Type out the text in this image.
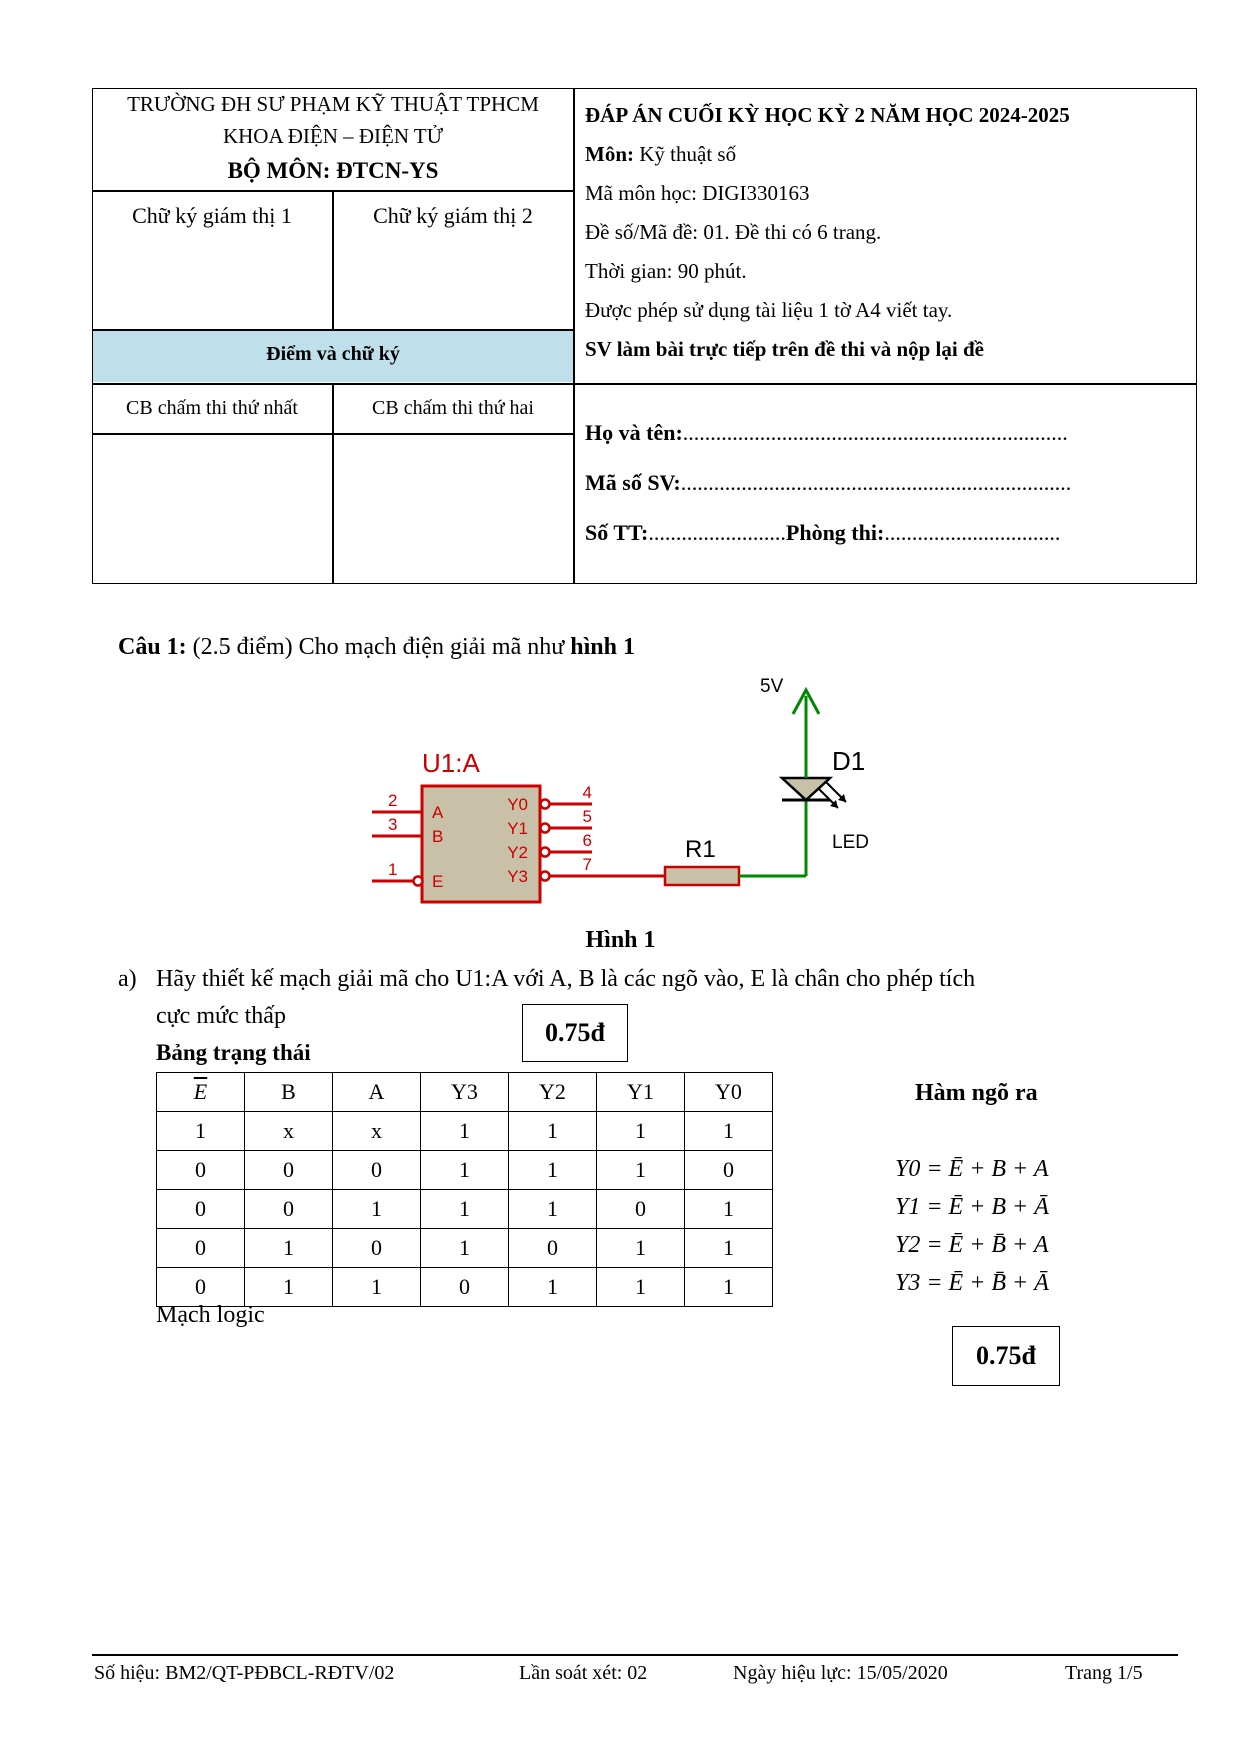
TRƯỜNG ĐH SƯ PHẠM KỸ THUẬT TPHCM
KHOA ĐIỆN – ĐIỆN TỬ
BỘ MÔN: ĐTCN-YS
Chữ ký giám thị 1	Chữ ký giám thị 2
Điểm và chữ ký
CB chấm thi thứ nhất	CB chấm thi thứ hai
ĐÁP ÁN CUỐI KỲ HỌC KỲ 2 NĂM HỌC 2024-2025
Môn: Kỹ thuật số
Mã môn học: DIGI330163
Đề số/Mã đề: 01. Đề thi có 6 trang.
Thời gian: 90 phút.
Được phép sử dụng tài liệu 1 tờ A4 viết tay.
SV làm bài trực tiếp trên đề thi và nộp lại đề
Họ và tên:......................................................................
Mã số SV:.......................................................................
Số TT:.........................Phòng thi:................................
Câu 1: (2.5 điểm) Cho mạch điện giải mã như hình 1
U1:A
2
3
1
A
B
E
Y0
Y1
Y2
Y3
4
5
6
7
R1
D1
LED
5V
Hình 1
a) Hãy thiết kế mạch giải mã cho U1:A với A, B là các ngõ vào, E là chân cho phép tích
cực mức thấp
0.75đ
Bảng trạng thái
$\overline{E}$	B	A	Y3	Y2	Y1	Y0
1	x	x	1	1	1	1
0	0	0	1	1	1	0
0	0	1	1	1	0	1
0	1	0	1	0	1	1
0	1	1	0	1	1	1
Hàm ngõ ra
Y0 = Ē + B + A
Y1 = Ē + B + Ā
Y2 = Ē + B̄ + A
Y3 = Ē + B̄ + Ā
Mạch logic
0.75đ
Số hiệu: BM2/QT-PĐBCL-RĐTV/02	Lần soát xét: 02	Ngày hiệu lực: 15/05/2020	Trang 1/5
